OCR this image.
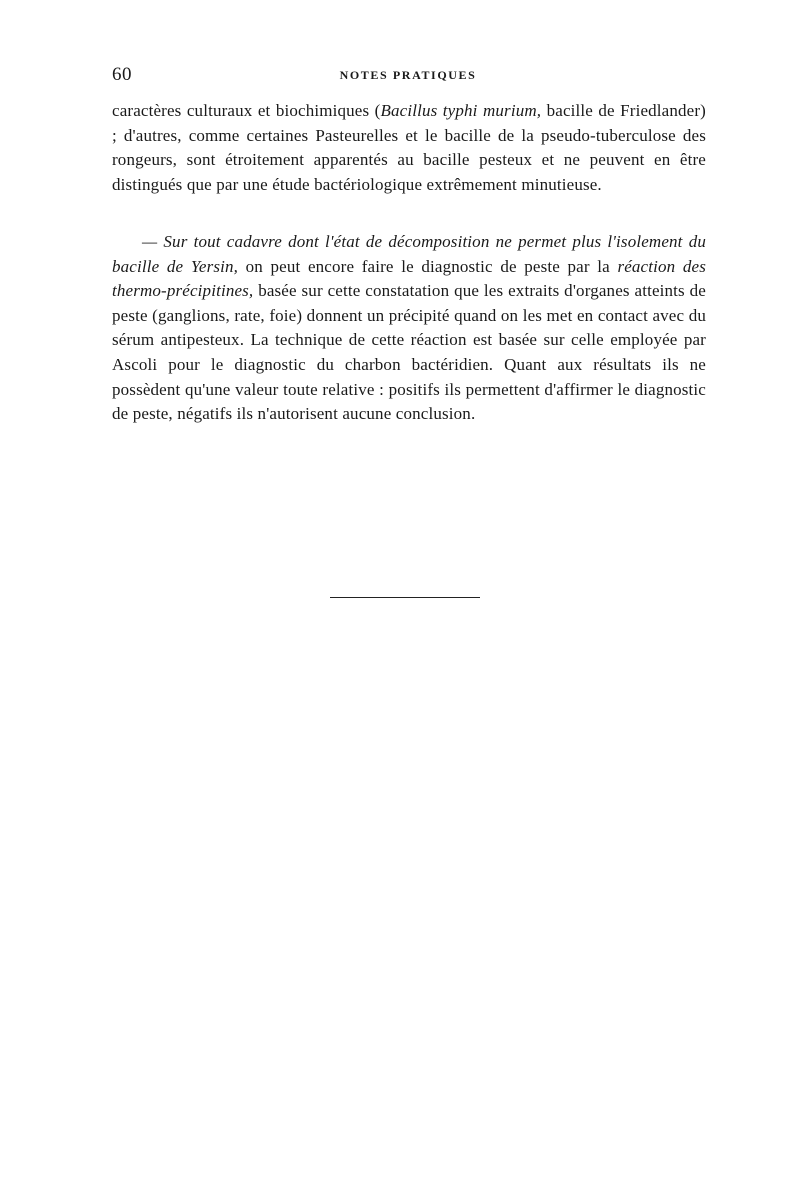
60	NOTES PRATIQUES

caractères culturaux et biochimiques (Bacillus typhi murium, bacille de Friedlander) ; d'autres, comme certaines Pasteurelles et le bacille de la pseudo-tuberculose des rongeurs, sont étroitement apparentés au bacille pesteux et ne peuvent en être distingués que par une étude bactériologique extrêmement minutieuse.

— Sur tout cadavre dont l'état de décomposition ne permet plus l'isolement du bacille de Yersin, on peut encore faire le diagnostic de peste par la réaction des thermo-précipitines, basée sur cette constatation que les extraits d'organes atteints de peste (ganglions, rate, foie) donnent un précipité quand on les met en contact avec du sérum antipesteux. La technique de cette réaction est basée sur celle employée par Ascoli pour le diagnostic du charbon bactéridien. Quant aux résultats ils ne possèdent qu'une valeur toute relative : positifs ils permettent d'affirmer le diagnostic de peste, négatifs ils n'autorisent aucune conclusion.
